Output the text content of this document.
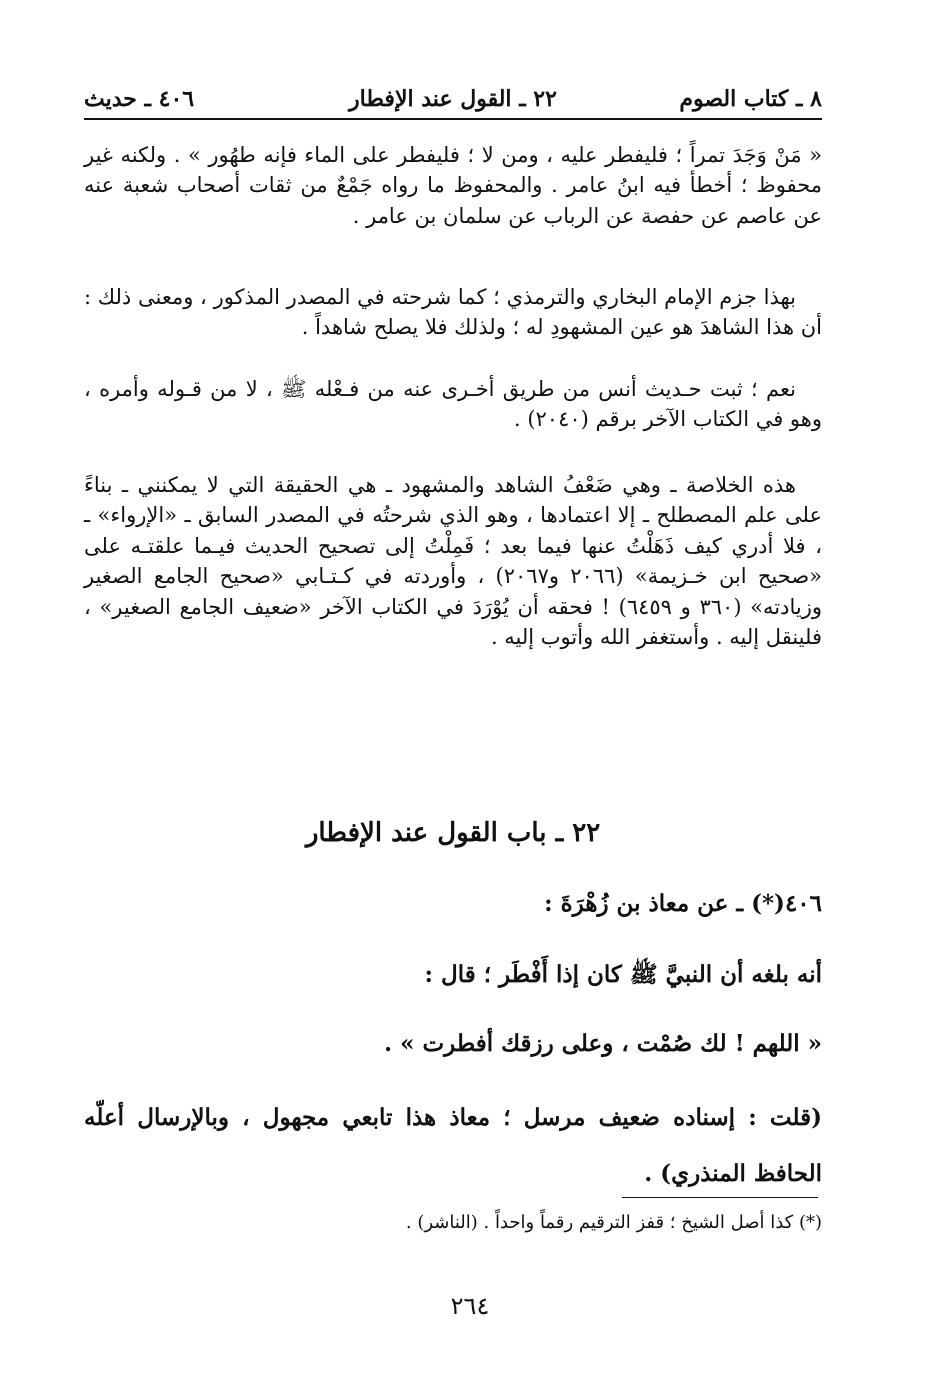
٨ ـ كتاب الصوم
٢٢ ـ القول عند الإفطار
٤٠٦ ـ حديث

« مَنْ وَجَدَ تمراً ؛ فليفطر عليه ، ومن لا ؛ فليفطر على الماء فإنه طهُور » . ولكنه غير محفوظ ؛ أخطأ فيه ابنُ عامر . والمحفوظ ما رواه جَمْعٌ من ثقات أصحاب شعبة عنه عن عاصم عن حفصة عن الرباب عن سلمان بن عامر .

بهذا جزم الإمام البخاري والترمذي ؛ كما شرحته في المصدر المذكور ، ومعنى ذلك : أن هذا الشاهدَ هو عين المشهودِ له ؛ ولذلك فلا يصلح شاهداً .

نعم ؛ ثبت حـديث أنس من طريق أخـرى عنه من فـعْله ﷺ ، لا من قـوله وأمره ، وهو في الكتاب الآخر برقم (٢٠٤٠) .

هذه الخلاصة ـ وهي ضَعْفُ الشاهد والمشهود ـ هي الحقيقة التي لا يمكنني ـ بناءً على علم المصطلح ـ إلا اعتمادها ، وهو الذي شرحتُه في المصدر السابق ـ «الإرواء» ـ ، فلا أدري كيف ذَهَلْتُ عنها فيما بعد ؛ فَمِلْتُ إلى تصحيح الحديث فيـما علقتـه على «صحيح ابن خـزيمة» (٢٠٦٦ و٢٠٦٧) ، وأوردته في كـتـابي «صحيح الجامع الصغير وزيادته» (٣٦٠ و ٦٤٥٩) ! فحقه أن يُوْرَدَ في الكتاب الآخر «ضعيف الجامع الصغير» ، فلينقل إليه . وأستغفر الله وأتوب إليه .

٢٢ ـ باب القول عند الإفطار
٤٠٦(*) ـ عن معاذ بن زُهْرَةَ :
أنه بلغه أن النبيَّ ﷺ كان إذا أَفْطَر ؛ قال :
« اللهم ! لك صُمْت ، وعلى رزقك أفطرت » .

(قلت : إسناده ضعيف مرسل ؛ معاذ هذا تابعي مجهول ، وبالإرسال أعلّه الحافظ المنذري) .

(*) كذا أصل الشيخ ؛ قفز الترقيم رقماً واحداً . (الناشر) .
٢٦٤
